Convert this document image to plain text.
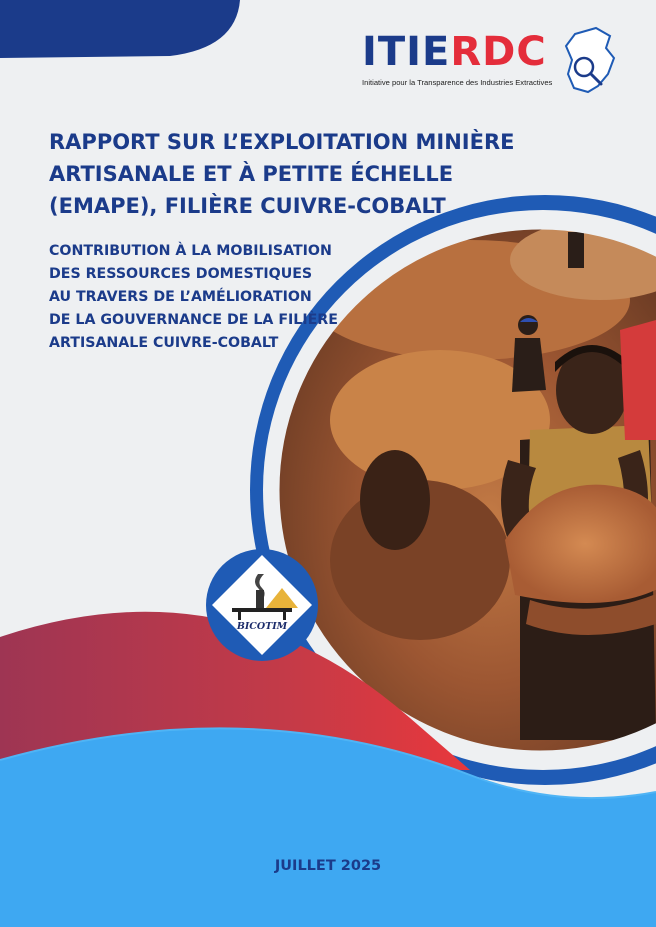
BICOTIM
ITIERDC
Initiative pour la Transparence des Industries Extractives
RAPPORT SUR L’EXPLOITATION MINIÈRE
ARTISANALE ET À PETITE ÉCHELLE
(EMAPE), FILIÈRE CUIVRE-COBALT
CONTRIBUTION À LA MOBILISATION
DES RESSOURCES DOMESTIQUES
AU TRAVERS DE L’AMÉLIORATION
DE LA GOUVERNANCE DE LA FILIÈRE
ARTISANALE CUIVRE-COBALT
JUILLET 2025
